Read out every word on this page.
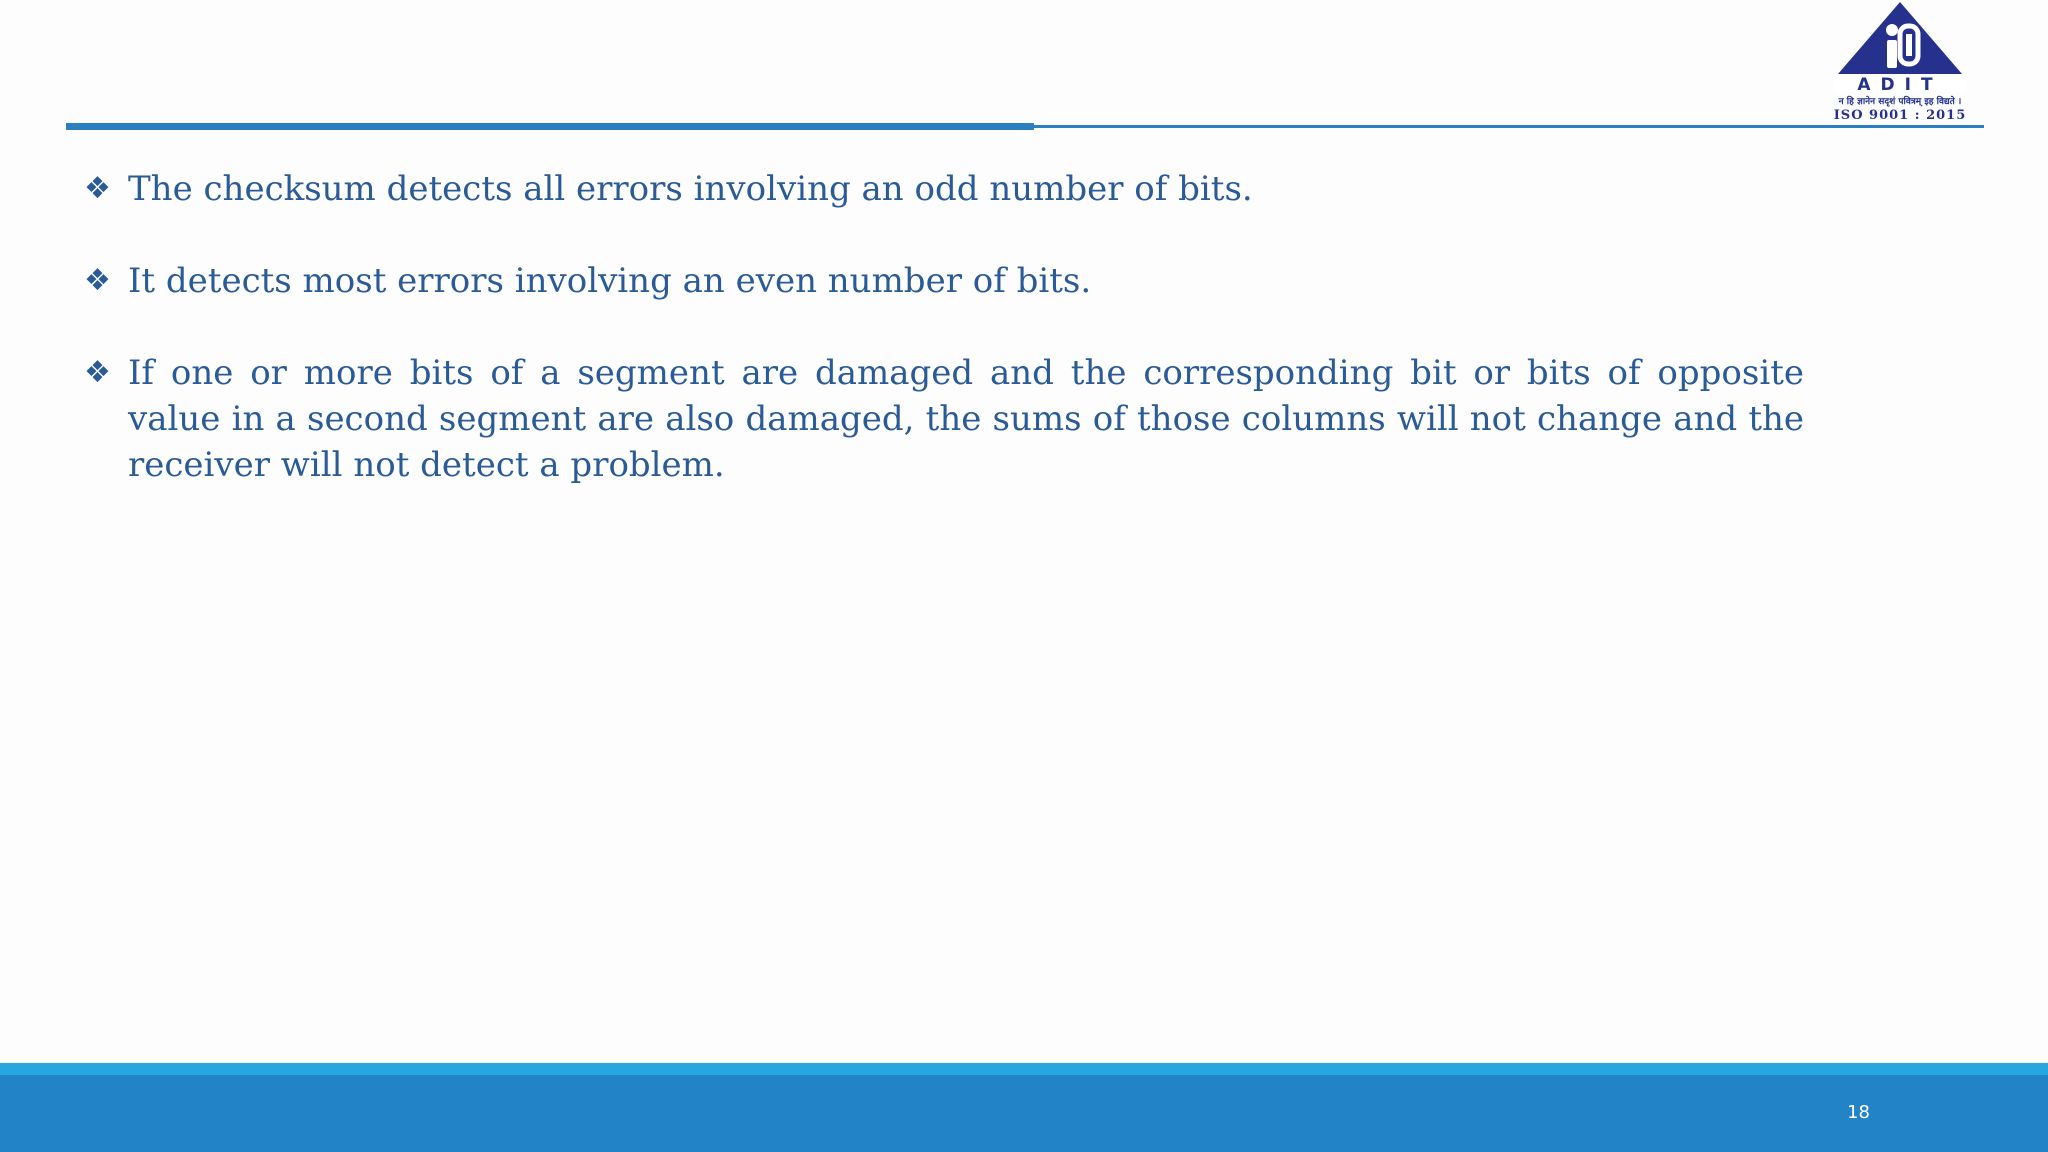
ADIT
न हि ज्ञानेन सदृशं पवित्रम् इह विद्यते ।
ISO 9001 : 2015
❖ The checksum detects all errors involving an odd number of bits.
❖ It detects most errors involving an even number of bits.
❖ If one or more bits of a segment are damaged and the corresponding bit or bits of opposite value in a second segment are also damaged, the sums of those columns will not change and the receiver will not detect a problem.
18
